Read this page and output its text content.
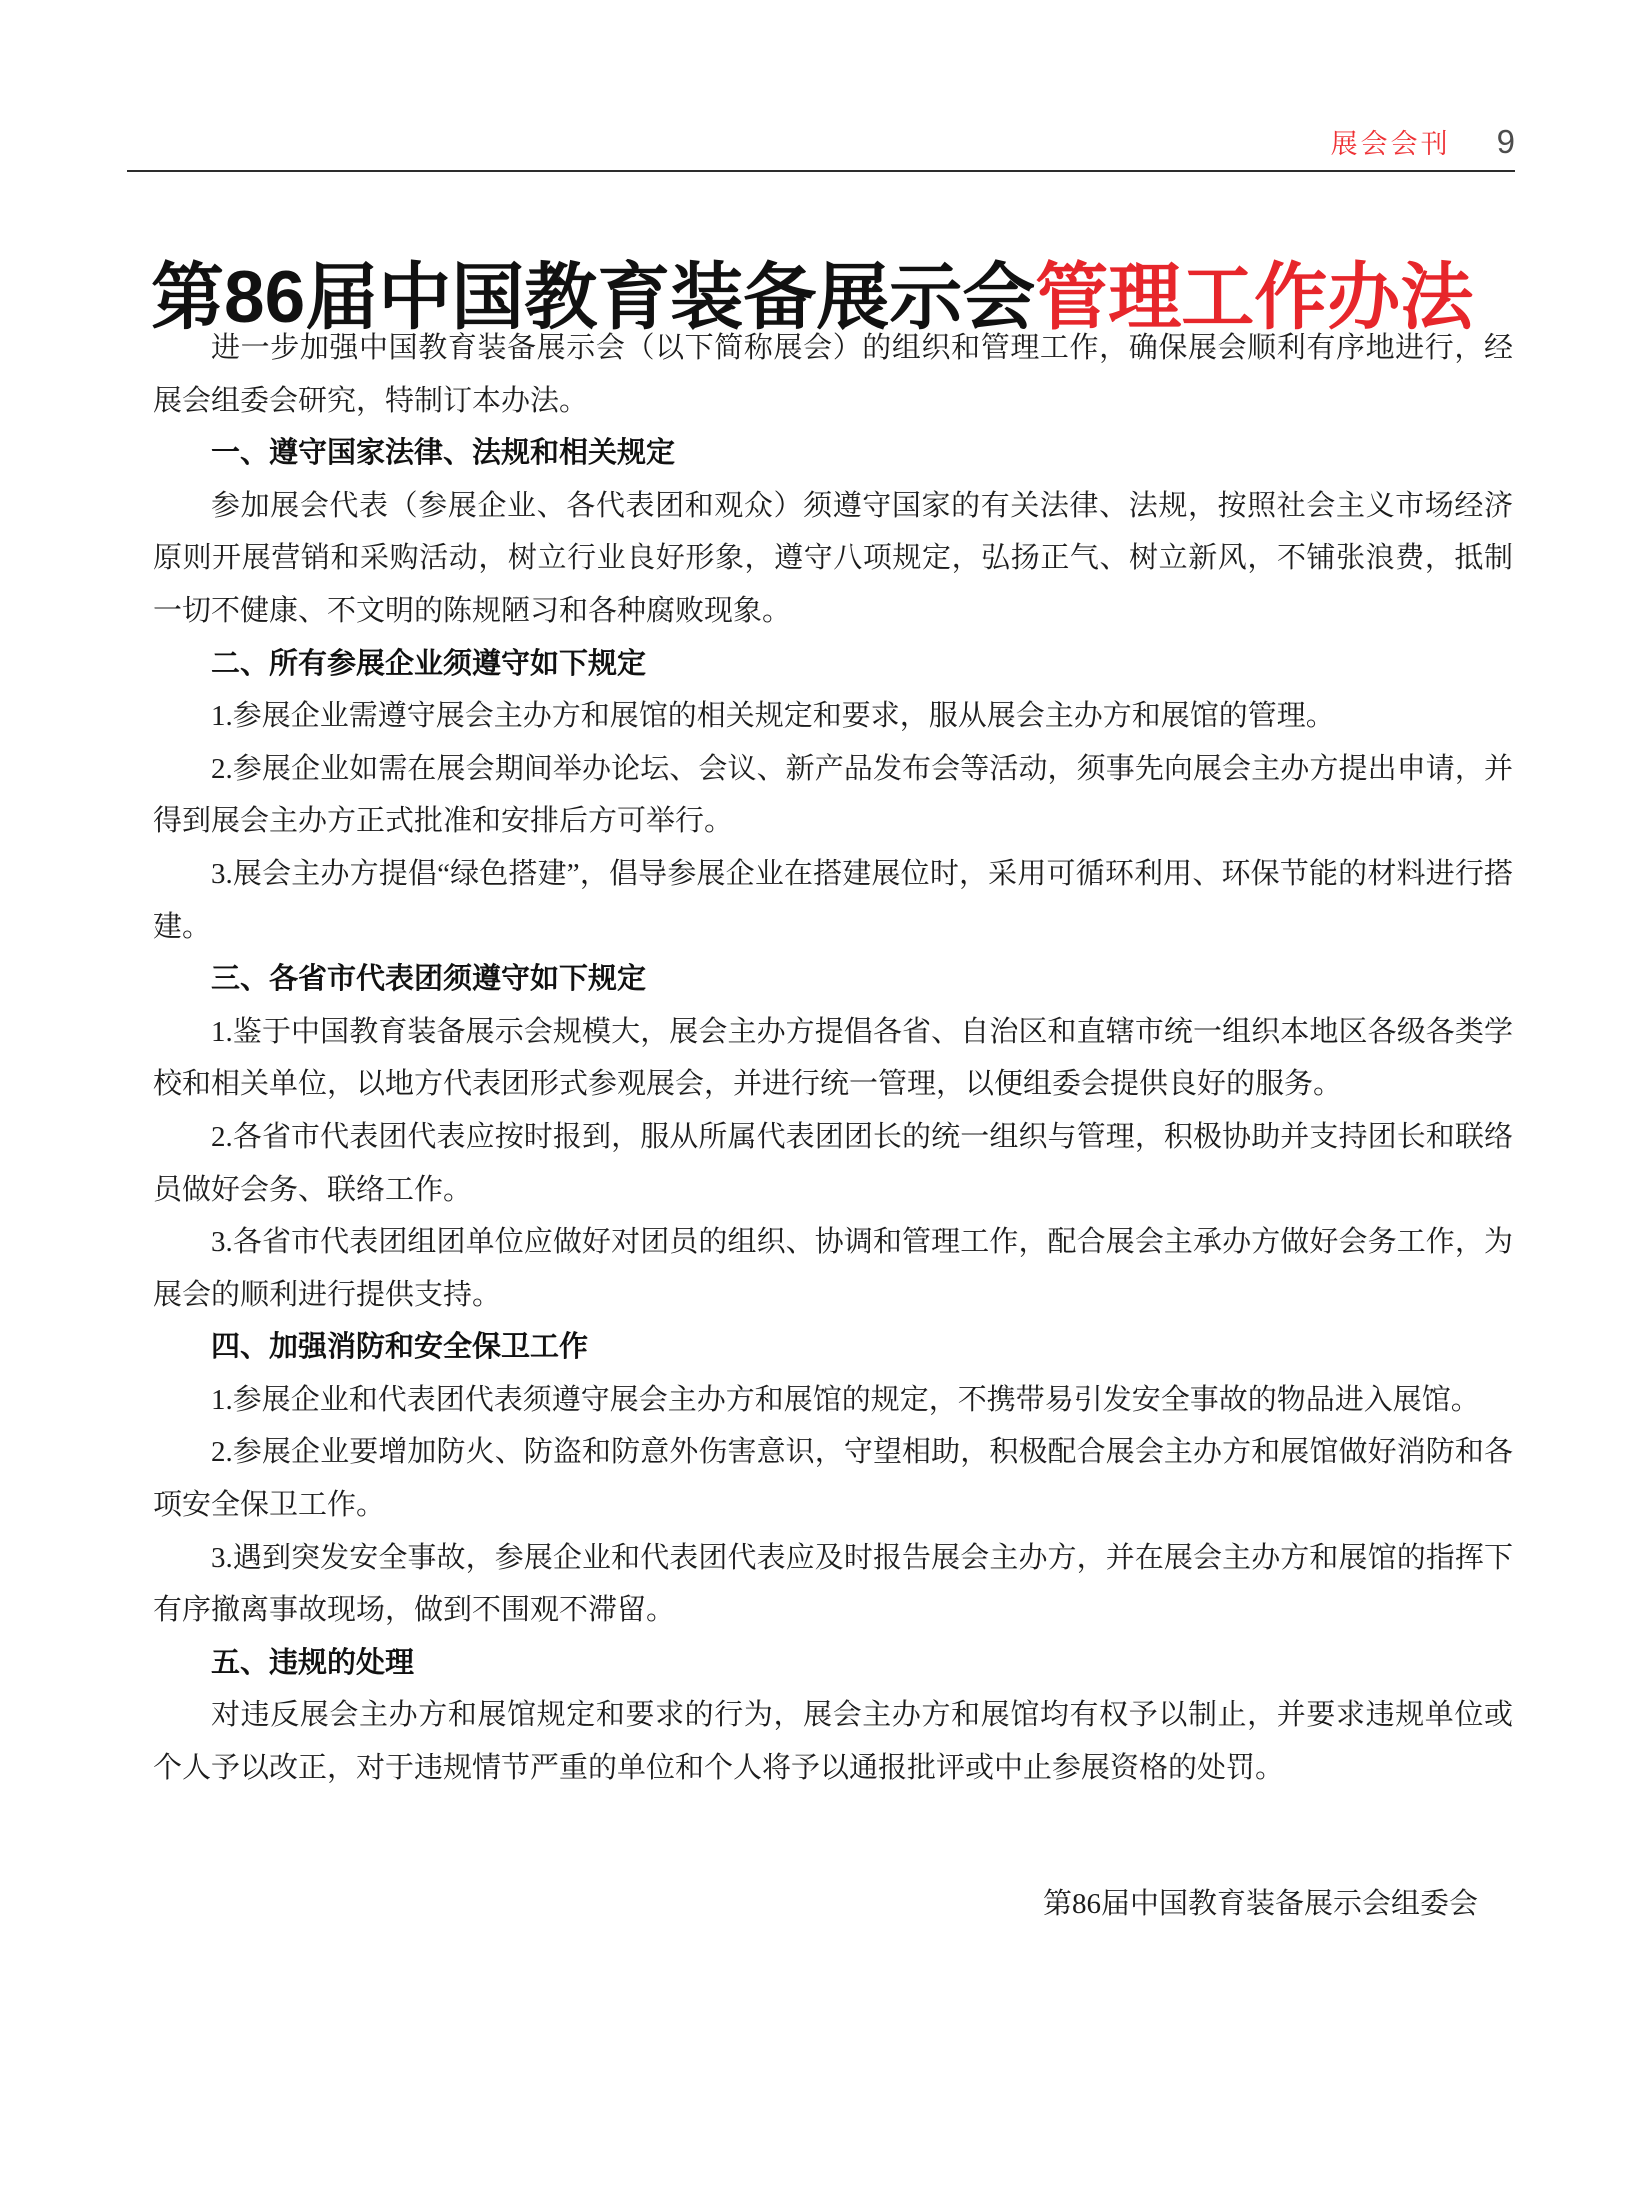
展会会刊 9
第86届中国教育装备展示会管理工作办法

进一步加强中国教育装备展示会（以下简称展会）的组织和管理工作，确保展会顺利有序地进行，经展会组委会研究，特制订本办法。

一、遵守国家法律、法规和相关规定

参加展会代表（参展企业、各代表团和观众）须遵守国家的有关法律、法规，按照社会主义市场经济原则开展营销和采购活动，树立行业良好形象，遵守八项规定，弘扬正气、树立新风，不铺张浪费，抵制一切不健康、不文明的陈规陋习和各种腐败现象。

二、所有参展企业须遵守如下规定

1.参展企业需遵守展会主办方和展馆的相关规定和要求，服从展会主办方和展馆的管理。

2.参展企业如需在展会期间举办论坛、会议、新产品发布会等活动，须事先向展会主办方提出申请，并得到展会主办方正式批准和安排后方可举行。

3.展会主办方提倡“绿色搭建”，倡导参展企业在搭建展位时，采用可循环利用、环保节能的材料进行搭建。

三、各省市代表团须遵守如下规定

1.鉴于中国教育装备展示会规模大，展会主办方提倡各省、自治区和直辖市统一组织本地区各级各类学校和相关单位，以地方代表团形式参观展会，并进行统一管理，以便组委会提供良好的服务。

2.各省市代表团代表应按时报到，服从所属代表团团长的统一组织与管理，积极协助并支持团长和联络员做好会务、联络工作。

3.各省市代表团组团单位应做好对团员的组织、协调和管理工作，配合展会主承办方做好会务工作，为展会的顺利进行提供支持。

四、加强消防和安全保卫工作

1.参展企业和代表团代表须遵守展会主办方和展馆的规定，不携带易引发安全事故的物品进入展馆。

2.参展企业要增加防火、防盗和防意外伤害意识，守望相助，积极配合展会主办方和展馆做好消防和各项安全保卫工作。

3.遇到突发安全事故，参展企业和代表团代表应及时报告展会主办方，并在展会主办方和展馆的指挥下有序撤离事故现场，做到不围观不滞留。

五、违规的处理

对违反展会主办方和展馆规定和要求的行为，展会主办方和展馆均有权予以制止，并要求违规单位或个人予以改正，对于违规情节严重的单位和个人将予以通报批评或中止参展资格的处罚。

第86届中国教育装备展示会组委会
